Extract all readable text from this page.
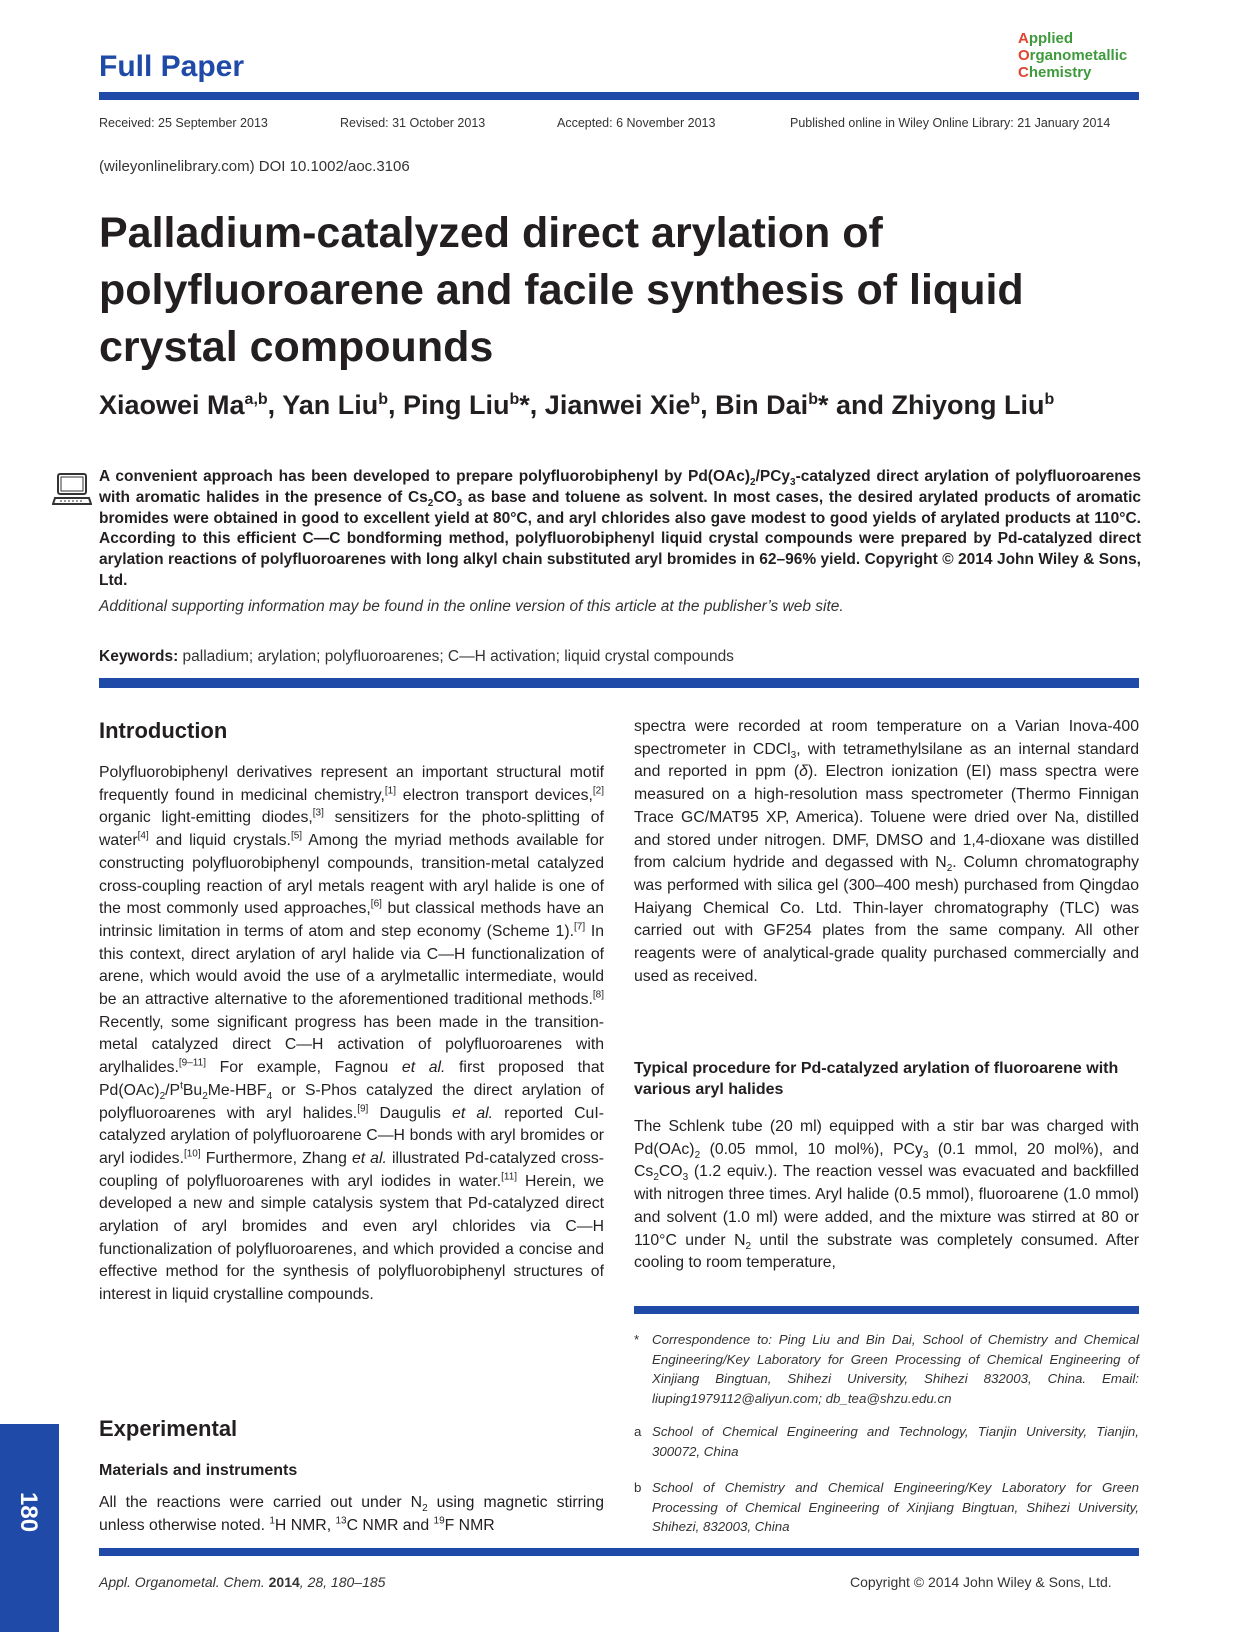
Full Paper
Applied
Organometallic
Chemistry
Received: 25 September 2013	Revised: 31 October 2013	Accepted: 6 November 2013	Published online in Wiley Online Library: 21 January 2014
(wileyonlinelibrary.com) DOI 10.1002/aoc.3106
Palladium-catalyzed direct arylation of polyfluoroarene and facile synthesis of liquid crystal compounds
Xiaowei Ma$^{a,b}$, Yan Liu$^b$, Ping Liu$^b$*, Jianwei Xie$^b$, Bin Dai$^b$* and Zhiyong Liu$^b$
A convenient approach has been developed to prepare polyfluorobiphenyl by $Pd(OAc)_2/PCy_3$-catalyzed direct arylation of polyfluoroarenes with aromatic halides in the presence of $Cs_2CO_3$ as base and toluene as solvent. In most cases, the desired arylated products of aromatic bromides were obtained in good to excellent yield at 80°C, and aryl chlorides also gave modest to good yields of arylated products at 110°C. According to this efficient C—C bondforming method, polyfluorobiphenyl liquid crystal compounds were prepared by Pd-catalyzed direct arylation reactions of polyfluoroarenes with long alkyl chain substituted aryl bromides in 62–96% yield. Copyright © 2014 John Wiley & Sons, Ltd.
Additional supporting information may be found in the online version of this article at the publisher’s web site.
Keywords: palladium; arylation; polyfluoroarenes; C—H activation; liquid crystal compounds
Introduction

Polyfluorobiphenyl derivatives represent an important structural motif frequently found in medicinal chemistry,[1] electron transport devices,[2] organic light-emitting diodes,[3] sensitizers for the photo-splitting of water[4] and liquid crystals.[5] Among the myriad methods available for constructing polyfluorobiphenyl compounds, transition-metal catalyzed cross-coupling reaction of aryl metals reagent with aryl halide is one of the most commonly used approaches,[6] but classical methods have an intrinsic limitation in terms of atom and step economy (Scheme 1).[7] In this context, direct arylation of aryl halide via C—H functionalization of arene, which would avoid the use of a arylmetallic intermediate, would be an attractive alternative to the aforementioned traditional methods.[8] Recently, some significant progress has been made in the transition-metal catalyzed direct C—H activation of polyfluoroarenes with arylhalides.[9–11] For example, Fagnou et al. first proposed that $Pd(OAc)_2/P^tBu_2Me-HBF_4$ or S-Phos catalyzed the direct arylation of polyfluoroarenes with aryl halides.[9] Daugulis et al. reported CuI-catalyzed arylation of polyfluoroarene C—H bonds with aryl bromides or aryl iodides.[10] Furthermore, Zhang et al. illustrated Pd-catalyzed cross-coupling of polyfluoroarenes with aryl iodides in water.[11] Herein, we developed a new and simple catalysis system that Pd-catalyzed direct arylation of aryl bromides and even aryl chlorides via C—H functionalization of polyfluoroarenes, and which provided a concise and effective method for the synthesis of polyfluorobiphenyl structures of interest in liquid crystalline compounds.

Experimental
Materials and instruments

All the reactions were carried out under $N_2$ using magnetic stirring unless otherwise noted. $^1$H NMR, $^{13}$C NMR and $^{19}$F NMR

spectra were recorded at room temperature on a Varian Inova-400 spectrometer in CDCl$_3$, with tetramethylsilane as an internal standard and reported in ppm (δ). Electron ionization (EI) mass spectra were measured on a high-resolution mass spectrometer (Thermo Finnigan Trace GC/MAT95 XP, America). Toluene were dried over Na, distilled and stored under nitrogen. DMF, DMSO and 1,4-dioxane was distilled from calcium hydride and degassed with $N_2$. Column chromatography was performed with silica gel (300–400 mesh) purchased from Qingdao Haiyang Chemical Co. Ltd. Thin-layer chromatography (TLC) was carried out with GF254 plates from the same company. All other reagents were of analytical-grade quality purchased commercially and used as received.

Typical procedure for Pd-catalyzed arylation of fluoroarene with various aryl halides

The Schlenk tube (20 ml) equipped with a stir bar was charged with $Pd(OAc)_2$ (0.05 mmol, 10 mol%), PCy$_3$ (0.1 mmol, 20 mol%), and $Cs_2CO_3$ (1.2 equiv.). The reaction vessel was evacuated and backfilled with nitrogen three times. Aryl halide (0.5 mmol), fluoroarene (1.0 mmol) and solvent (1.0 ml) were added, and the mixture was stirred at 80 or 110°C under $N_2$ until the substrate was completely consumed. After cooling to room temperature,

* Correspondence to: Ping Liu and Bin Dai, School of Chemistry and Chemical Engineering/Key Laboratory for Green Processing of Chemical Engineering of Xinjiang Bingtuan, Shihezi University, Shihezi 832003, China. Email: liuping1979112@aliyun.com; db_tea@shzu.edu.cn
a School of Chemical Engineering and Technology, Tianjin University, Tianjin, 300072, China
b School of Chemistry and Chemical Engineering/Key Laboratory for Green Processing of Chemical Engineering of Xinjiang Bingtuan, Shihezi University, Shihezi, 832003, China
180
Appl. Organometal. Chem. 2014, 28, 180–185	Copyright © 2014 John Wiley & Sons, Ltd.
